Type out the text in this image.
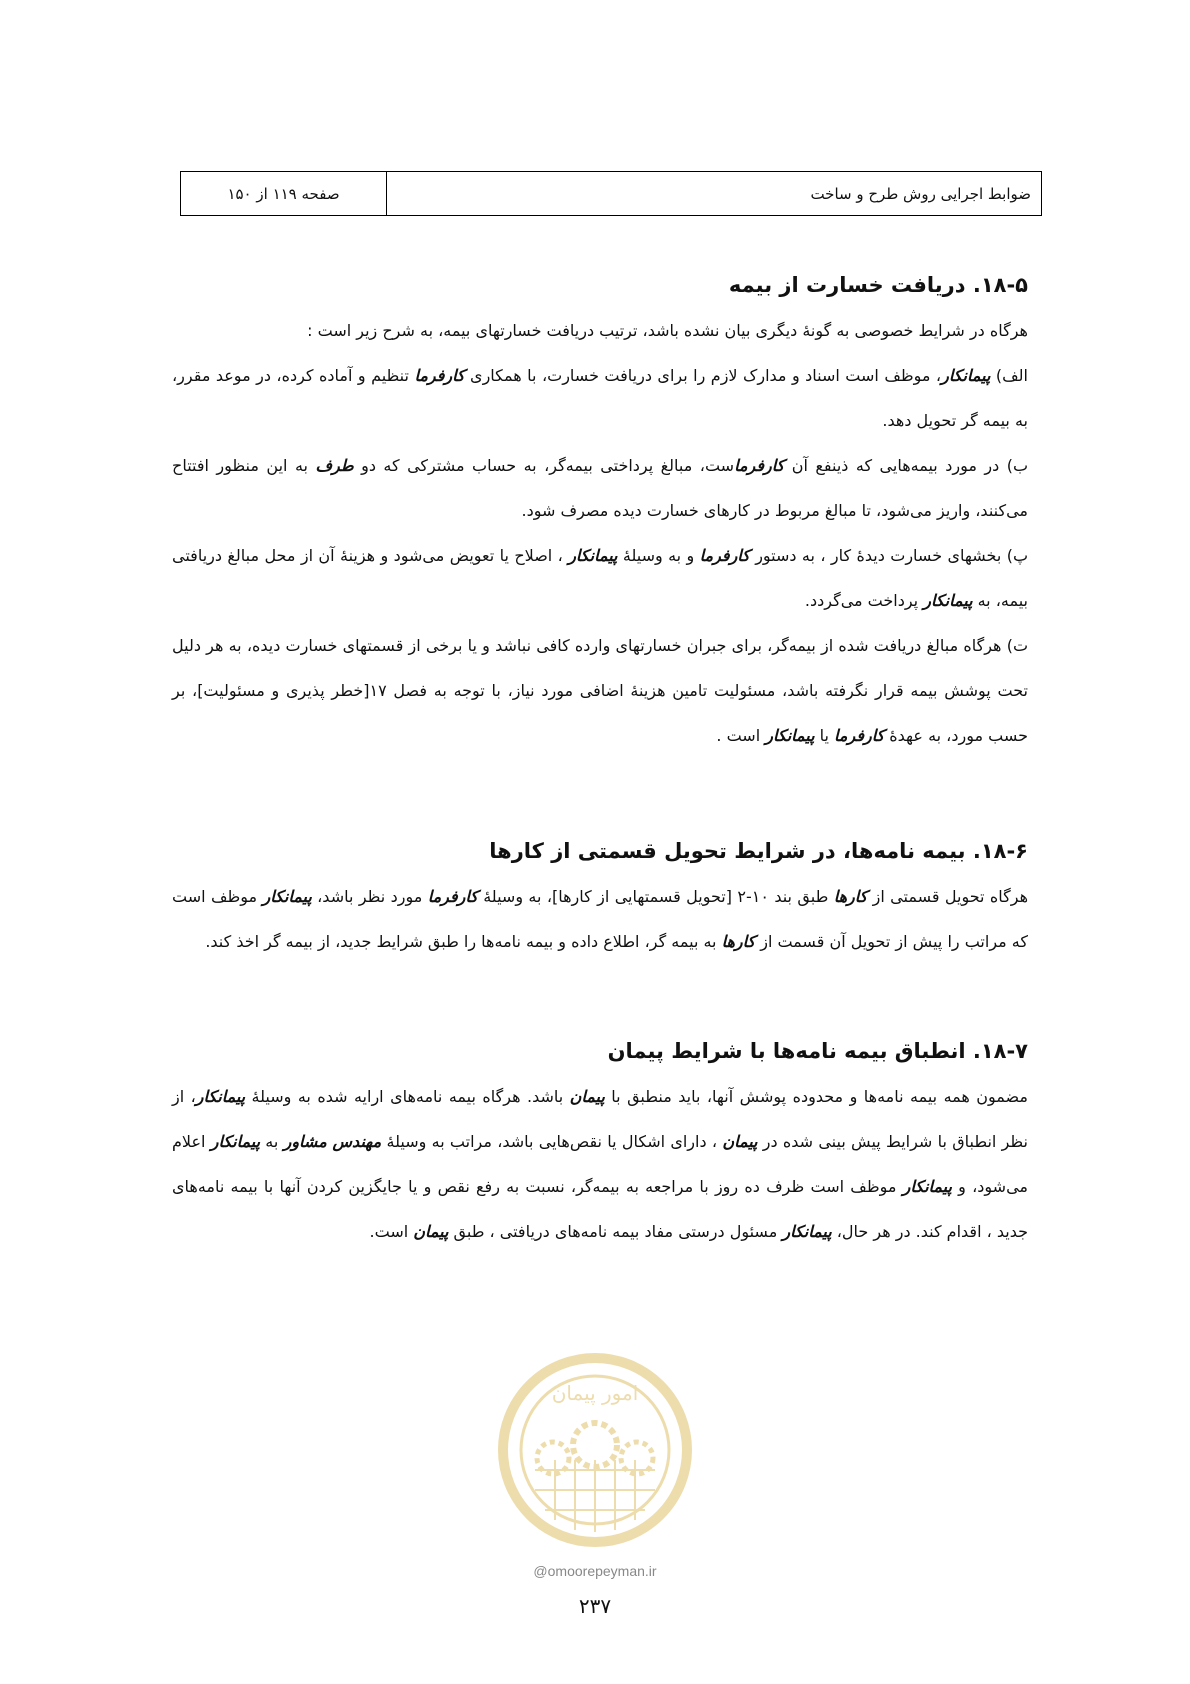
ضوابط اجرایی روش طرح و ساخت
صفحه ۱۱۹ از ۱۵۰
۱۸-۵. دریافت خسارت از بیمه

هرگاه در شرایط خصوصی به گونهٔ دیگری بیان نشده باشد، ترتیب دریافت خسارتهای بیمه، به شرح زیر است :

الف) پیمانکار، موظف است اسناد و مدارک لازم را برای دریافت خسارت، با همکاری کارفرما تنظیم و آماده کرده، در موعد مقرر، به بیمه گر تحویل دهد.

ب) در مورد بیمه‌هایی که ذینفع آن کارفرماست، مبالغ پرداختی بیمه‌گر، به حساب مشترکی که دو طرف به این منظور افتتاح می‌کنند، واریز می‌شود، تا مبالغ مربوط در کارهای خسارت دیده مصرف شود.

پ) بخشهای خسارت دیدهٔ کار ، به دستور کارفرما و به وسیلهٔ پیمانکار ، اصلاح یا تعویض می‌شود و هزینهٔ آن از محل مبالغ دریافتی بیمه، به پیمانکار پرداخت می‌گردد.

ت) هرگاه مبالغ دریافت شده از بیمه‌گر، برای جبران خسارتهای وارده کافی نباشد و یا برخی از قسمتهای خسارت دیده، به هر دلیل تحت پوشش بیمه قرار نگرفته باشد، مسئولیت تامین هزینهٔ اضافی مورد نیاز، با توجه به فصل ۱۷[خطر پذیری و مسئولیت]، بر حسب مورد، به عهدهٔ کارفرما یا پیمانکار است .

۱۸-۶. بیمه نامه‌ها، در شرایط تحویل قسمتی از کارها

هرگاه تحویل قسمتی از کارها طبق بند ۱۰-۲ [تحویل قسمتهایی از کارها]، به وسیلهٔ کارفرما مورد نظر باشد، پیمانکار موظف است که مراتب را پیش از تحویل آن قسمت از کارها به بیمه گر، اطلاع داده و بیمه نامه‌ها را طبق شرایط جدید، از بیمه گر اخذ کند.

۱۸-۷. انطباق بیمه نامه‌ها با شرایط پیمان

مضمون همه بیمه نامه‌ها و محدوده پوشش آنها، باید منطبق با پیمان باشد. هرگاه بیمه نامه‌های ارایه شده به وسیلهٔ پیمانکار، از نظر انطباق با شرایط پیش بینی شده در پیمان ، دارای اشکال یا نقص‌هایی باشد، مراتب به وسیلهٔ مهندس مشاور به پیمانکار اعلام می‌شود، و پیمانکار موظف است ظرف ده روز با مراجعه به بیمه‌گر، نسبت به رفع نقص و یا جایگزین کردن آنها با بیمه نامه‌های جدید ، اقدام کند. در هر حال، پیمانکار مسئول درستی مفاد بیمه نامه‌های دریافتی ، طبق پیمان است.

امور پیمان
@omoorepeyman.ir
۲۳۷
